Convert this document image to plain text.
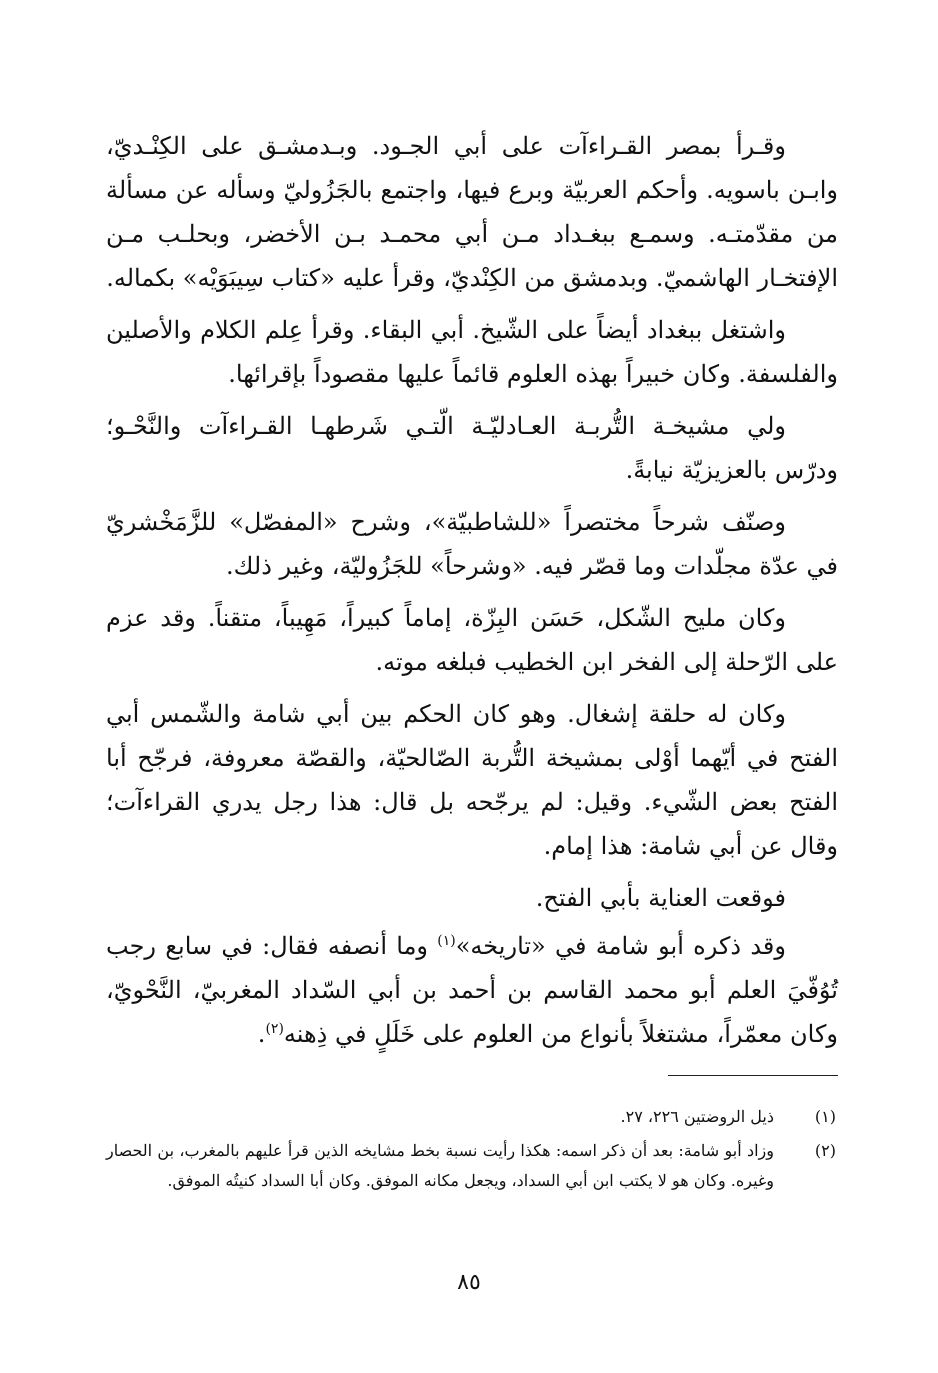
وقـرأ بمصر القـراءآت على أبي الجـود. وبـدمشـق على الكِنْـديّ، وابـن باسويه. وأحكم العربيّة وبرع فيها، واجتمع بالجَزُوليّ وسأله عن مسألة من مقدّمتـه. وسمـع ببغـداد مـن أبي محمـد بـن الأخضر، وبحلـب مـن الإفتخـار الهاشميّ. وبدمشق من الكِنْديّ، وقرأ عليه «كتاب سِيبَوَيْه» بكماله.

واشتغل ببغداد أيضاً على الشّيخ. أبي البقاء. وقرأ عِلم الكلام والأصلين والفلسفة. وكان خبيراً بهذه العلوم قائماً عليها مقصوداً بإقرائها.

ولي مشيخـة التُّربـة العـادليّـة الّتـي شَرطهـا القـراءآت والنَّحْـو؛ ودرّس بالعزيزيّة نيابةً.

وصنّف شرحاً مختصراً «للشاطبيّة»، وشرح «المفصّل» للزَّمَخْشريّ في عدّة مجلّدات وما قصّر فيه. «وشرحاً» للجَزُوليّة، وغير ذلك.

وكان مليح الشّكل، حَسَن البِزّة، إماماً كبيراً، مَهِيباً، متقناً. وقد عزم على الرّحلة إلى الفخر ابن الخطيب فبلغه موته.

وكان له حلقة إشغال. وهو كان الحكم بين أبي شامة والشّمس أبي الفتح في أيّهما أوْلى بمشيخة التُّربة الصّالحيّة، والقصّة معروفة، فرجّح أبا الفتح بعض الشّيء. وقيل: لم يرجّحه بل قال: هذا رجل يدري القراءآت؛ وقال عن أبي شامة: هذا إمام.

فوقعت العناية بأبي الفتح.

وقد ذكره أبو شامة في «تاريخه»$^{(١)}$ وما أنصفه فقال: في سابع رجب تُوُفّيَ العلم أبو محمد القاسم بن أحمد بن أبي السّداد المغربيّ، النَّحْويّ، وكان معمّراً، مشتغلاً بأنواع من العلوم على خَلَلٍ في ذِهنه$^{(٢)}$.

(١)
ذيل الروضتين ٢٢٦، ٢٧.
(٢)
وزاد أبو شامة: بعد أن ذكر اسمه: هكذا رأيت نسبة بخط مشايخه الذين قرأ عليهم بالمغرب، بن الحصار وغيره. وكان هو لا يكتب ابن أبي السداد، ويجعل مكانه الموفق. وكان أبا السداد كنيتُه الموفق.
٨٥
